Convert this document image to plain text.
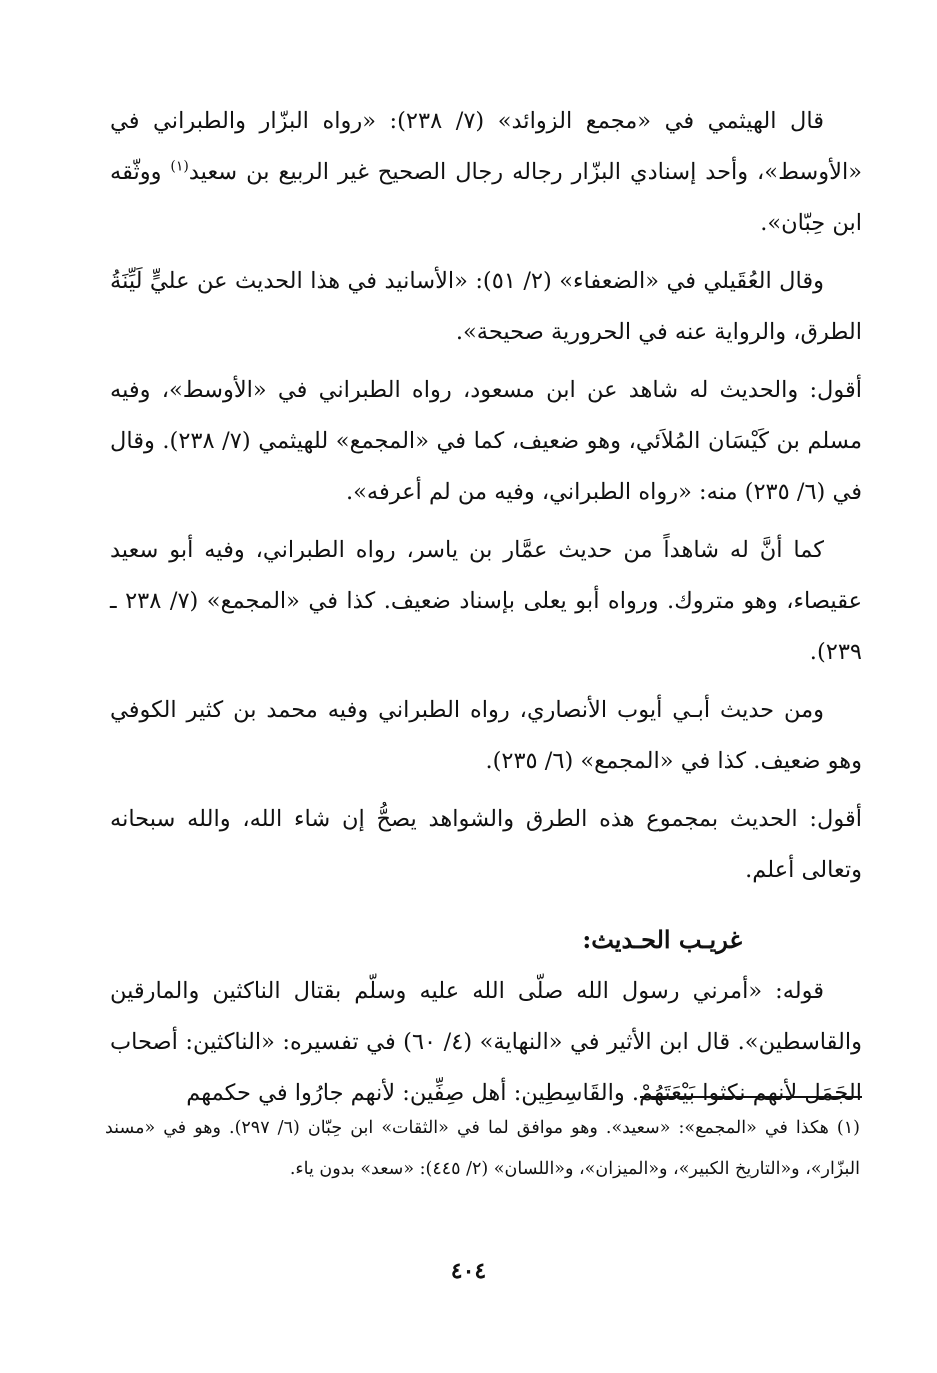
قال الهيثمي في «مجمع الزوائد» (٧/ ٢٣٨): «رواه البزّار والطبراني في «الأوسط»، وأحد إسنادي البزّار رجاله رجال الصحيح غير الربيع بن سعيد$^{(١)}$ ووثّقه ابن حِبّان».

وقال العُقَيلي في «الضعفاء» (٢/ ٥١): «الأسانيد في هذا الحديث عن عليٍّ لَيِّنَةُ الطرق، والرواية عنه في الحرورية صحيحة».

أقول: والحديث له شاهد عن ابن مسعود، رواه الطبراني في «الأوسط»، وفيه مسلم بن كَيْسَان المُلاَئي، وهو ضعيف، كما في «المجمع» للهيثمي (٧/ ٢٣٨). وقال في (٦/ ٢٣٥) منه: «رواه الطبراني، وفيه من لم أعرفه».

كما أنَّ له شاهداً من حديث عمَّار بن ياسر، رواه الطبراني، وفيه أبو سعيد عقيصاء، وهو متروك. ورواه أبو يعلى بإسناد ضعيف. كذا في «المجمع» (٧/ ٢٣٨ ـ ٢٣٩).

ومن حديث أبـي أيوب الأنصاري، رواه الطبراني وفيه محمد بن كثير الكوفي وهو ضعيف. كذا في «المجمع» (٦/ ٢٣٥).

أقول: الحديث بمجموع هذه الطرق والشواهد يصحُّ إن شاء الله، والله سبحانه وتعالى أعلم.

غريـب الحـديث:

قوله: «أمرني رسول الله صلّى الله عليه وسلّم بقتال الناكثين والمارقين والقاسطين». قال ابن الأثير في «النهاية» (٤/ ٦٠) في تفسيره: «الناكثين: أصحاب الجَمَل لأنهم نكثوا بَيْعَتَهُمْ. والقَاسِطِين: أهل صِفِّين: لأنهم جارُوا في حكمهم

(١) هكذا في «المجمع»: «سعيد». وهو موافق لما في «الثقات» ابن حِبّان (٦/ ٢٩٧). وهو في «مسند البزّار»، و«التاريخ الكبير»، و«الميزان»، و«اللسان» (٢/ ٤٤٥): «سعد» بدون ياء.
٤٠٤
